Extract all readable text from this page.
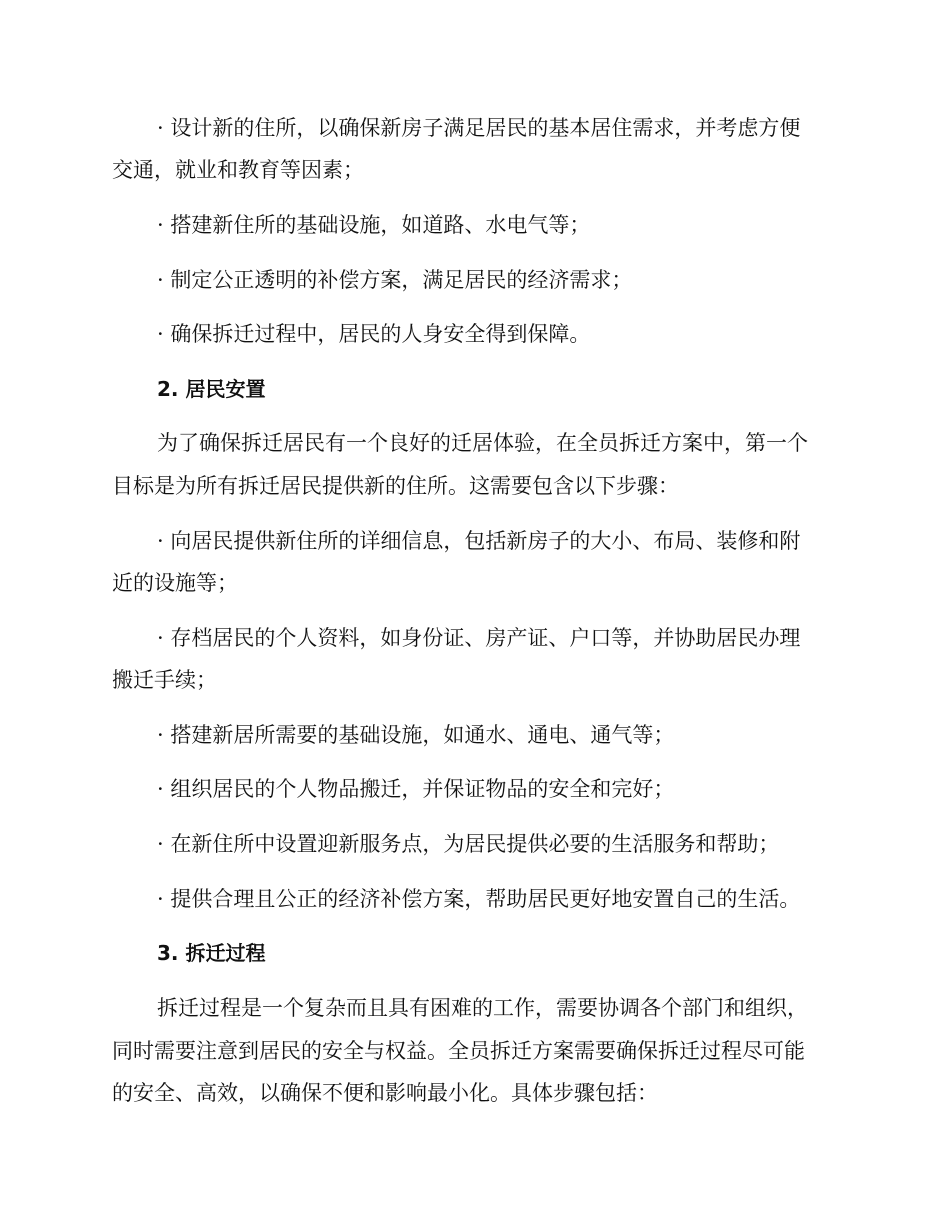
· 设计新的住所，以确保新房子满足居民的基本居住需求，并考虑方便
交通，就业和教育等因素；
· 搭建新住所的基础设施，如道路、水电气等；
· 制定公正透明的补偿方案，满足居民的经济需求；
· 确保拆迁过程中，居民的人身安全得到保障。
2. 居民安置
为了确保拆迁居民有一个良好的迁居体验，在全员拆迁方案中，第一个
目标是为所有拆迁居民提供新的住所。这需要包含以下步骤：
· 向居民提供新住所的详细信息，包括新房子的大小、布局、装修和附
近的设施等；
· 存档居民的个人资料，如身份证、房产证、户口等，并协助居民办理
搬迁手续；
· 搭建新居所需要的基础设施，如通水、通电、通气等；
· 组织居民的个人物品搬迁，并保证物品的安全和完好；
· 在新住所中设置迎新服务点，为居民提供必要的生活服务和帮助；
· 提供合理且公正的经济补偿方案，帮助居民更好地安置自己的生活。
3. 拆迁过程
拆迁过程是一个复杂而且具有困难的工作，需要协调各个部门和组织，
同时需要注意到居民的安全与权益。全员拆迁方案需要确保拆迁过程尽可能
的安全、高效，以确保不便和影响最小化。具体步骤包括：
